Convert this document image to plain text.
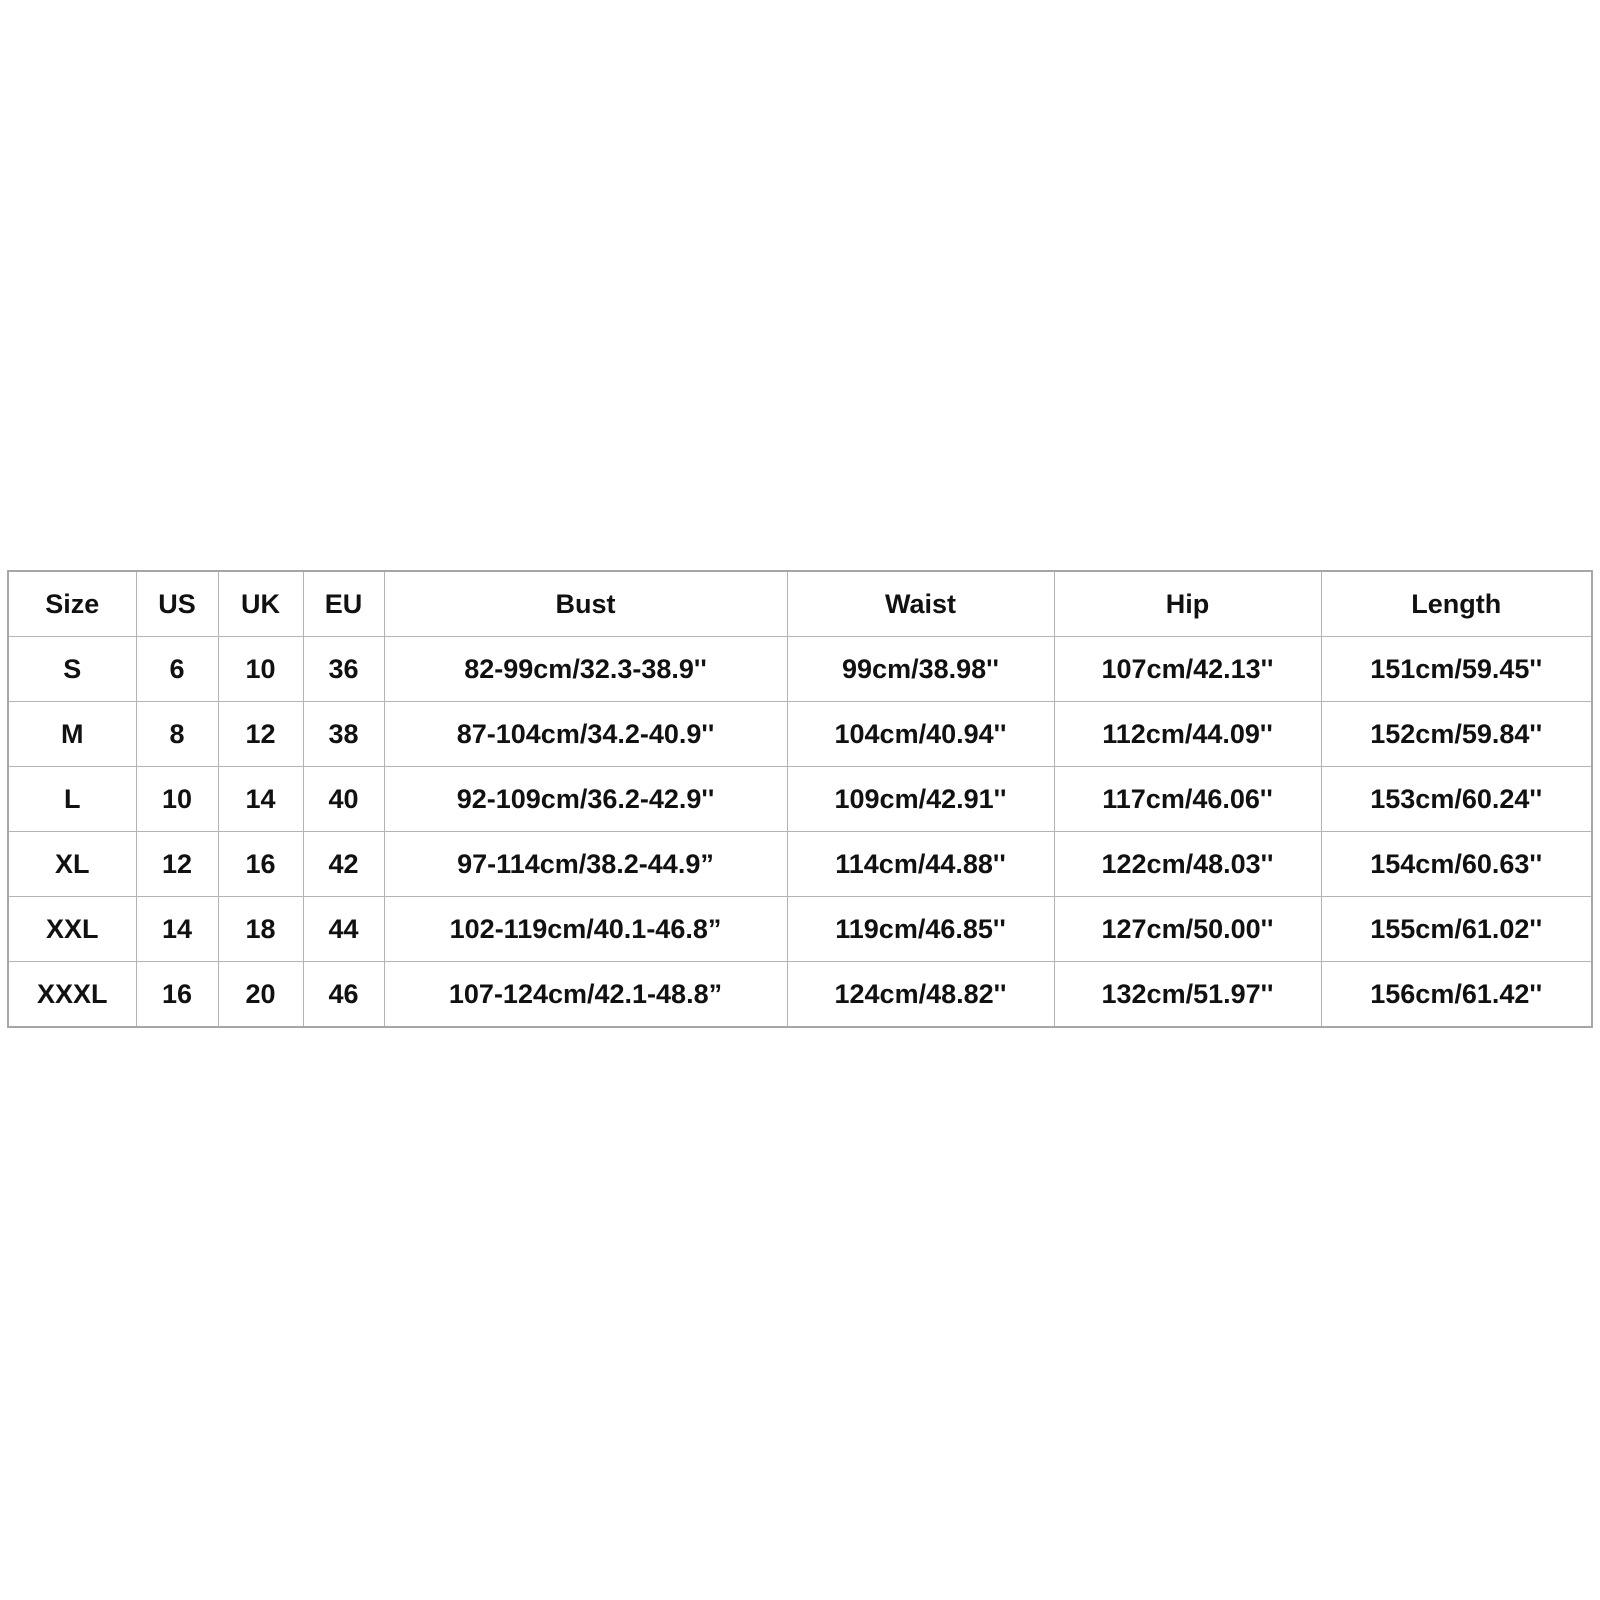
Size	US	UK	EU	Bust	Waist	Hip	Length
S	6	10	36	82-99cm/32.3-38.9''	99cm/38.98''	107cm/42.13''	151cm/59.45''
M	8	12	38	87-104cm/34.2-40.9''	104cm/40.94''	112cm/44.09''	152cm/59.84''
L	10	14	40	92-109cm/36.2-42.9''	109cm/42.91''	117cm/46.06''	153cm/60.24''
XL	12	16	42	97-114cm/38.2-44.9”	114cm/44.88''	122cm/48.03''	154cm/60.63''
XXL	14	18	44	102-119cm/40.1-46.8”	119cm/46.85''	127cm/50.00''	155cm/61.02''
XXXL	16	20	46	107-124cm/42.1-48.8”	124cm/48.82''	132cm/51.97''	156cm/61.42''
